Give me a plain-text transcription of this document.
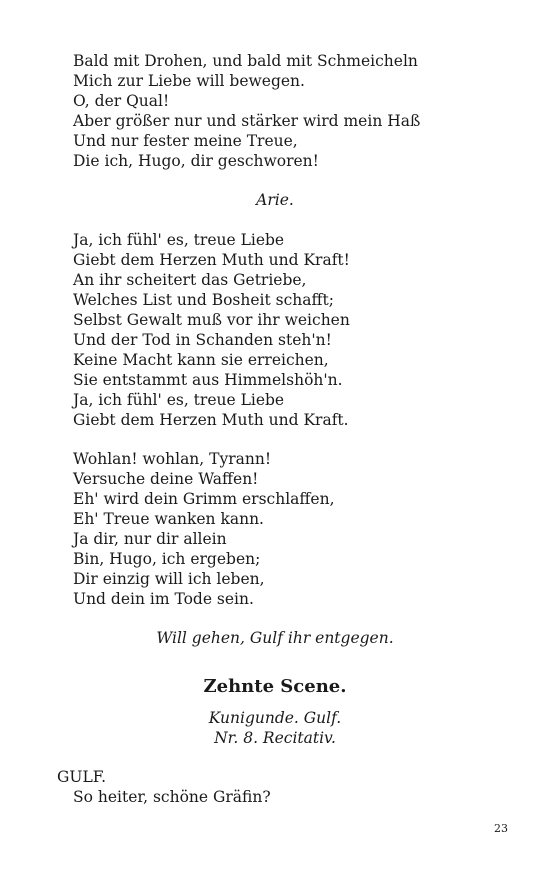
Bald mit Drohen, und bald mit Schmeicheln
Mich zur Liebe will bewegen.
O, der Qual!
Aber größer nur und stärker wird mein Haß
Und nur fester meine Treue,
Die ich, Hugo, dir geschworen!
Arie.
Ja, ich fühl' es, treue Liebe
Giebt dem Herzen Muth und Kraft!
An ihr scheitert das Getriebe,
Welches List und Bosheit schafft;
Selbst Gewalt muß vor ihr weichen
Und der Tod in Schanden steh'n!
Keine Macht kann sie erreichen,
Sie entstammt aus Himmelshöh'n.
Ja, ich fühl' es, treue Liebe
Giebt dem Herzen Muth und Kraft.
Wohlan! wohlan, Tyrann!
Versuche deine Waffen!
Eh' wird dein Grimm erschlaffen,
Eh' Treue wanken kann.
Ja dir, nur dir allein
Bin, Hugo, ich ergeben;
Dir einzig will ich leben,
Und dein im Tode sein.
Will gehen, Gulf ihr entgegen.
Zehnte Scene.
Kunigunde. Gulf.
Nr. 8. Recitativ.
GULF.
So heiter, schöne Gräfin?
23
